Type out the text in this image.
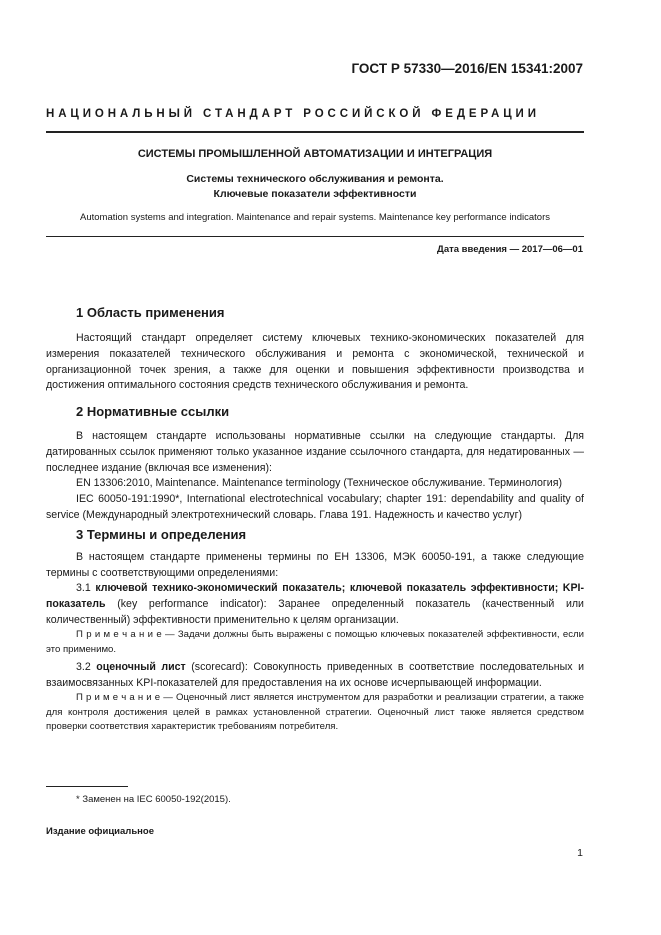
ГОСТ Р 57330—2016/EN 15341:2007
НАЦИОНАЛЬНЫЙ СТАНДАРТ РОССИЙСКОЙ ФЕДЕРАЦИИ
СИСТЕМЫ ПРОМЫШЛЕННОЙ АВТОМАТИЗАЦИИ И ИНТЕГРАЦИЯ
Системы технического обслуживания и ремонта.
Ключевые показатели эффективности
Automation systems and integration. Maintenance and repair systems. Maintenance key performance indicators
Дата введения — 2017—06—01
1 Область применения
Настоящий стандарт определяет систему ключевых технико-экономических показателей для измерения показателей технического обслуживания и ремонта с экономической, технической и организационной точек зрения, а также для оценки и повышения эффективности производства и достижения оптимального состояния средств технического обслуживания и ремонта.
2 Нормативные ссылки
В настоящем стандарте использованы нормативные ссылки на следующие стандарты. Для датированных ссылок применяют только указанное издание ссылочного стандарта, для недатированных — последнее издание (включая все изменения):
EN 13306:2010, Maintenance. Maintenance terminology (Техническое обслуживание. Терминология)
IEC 60050-191:1990*, International electrotechnical vocabulary; chapter 191: dependability and quality of service (Международный электротехнический словарь. Глава 191. Надежность и качество услуг)
3 Термины и определения
В настоящем стандарте применены термины по ЕН 13306, МЭК 60050-191, а также следующие термины с соответствующими определениями:
3.1 ключевой технико-экономический показатель; ключевой показатель эффективности; KPI-показатель (key performance indicator): Заранее определенный показатель (качественный или количественный) эффективности применительно к целям организации.
П р и м е ч а н и е — Задачи должны быть выражены с помощью ключевых показателей эффективности, если это применимо.
3.2 оценочный лист (scorecard): Совокупность приведенных в соответствие последовательных и взаимосвязанных KPI-показателей для предоставления на их основе исчерпывающей информации.
П р и м е ч а н и е — Оценочный лист является инструментом для разработки и реализации стратегии, а также для контроля достижения целей в рамках установленной стратегии. Оценочный лист также является средством проверки соответствия характеристик требованиям потребителя.
* Заменен на IEC 60050-192(2015).
Издание официальное
1
